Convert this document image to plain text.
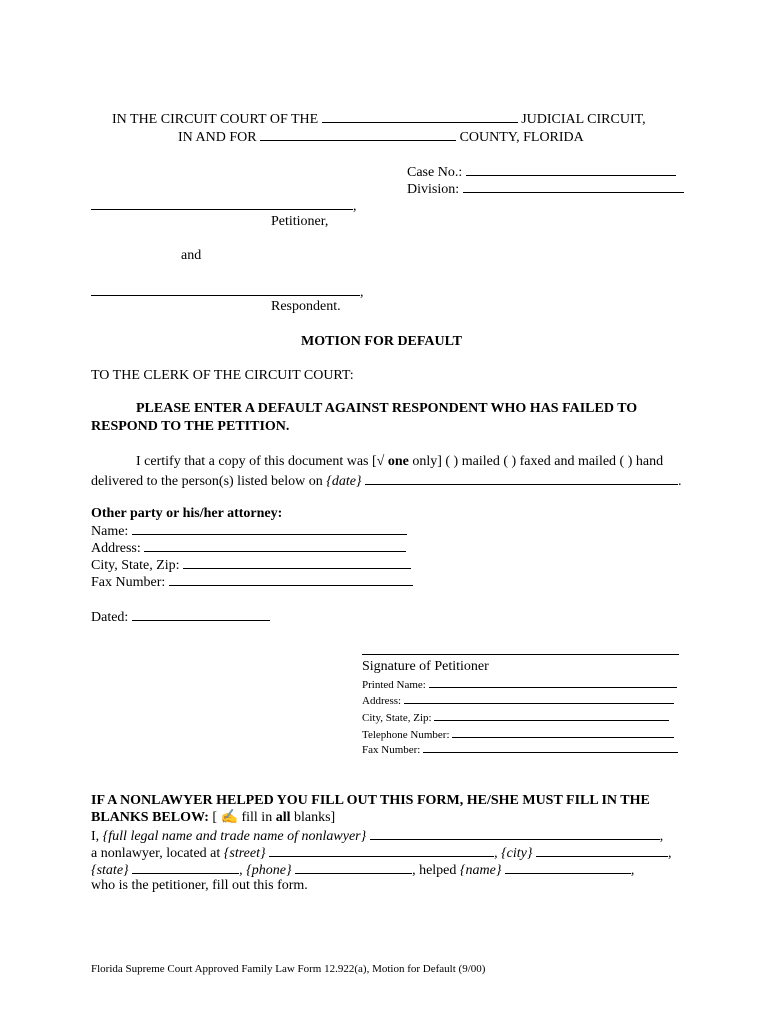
IN THE CIRCUIT COURT OF THE	JUDICIAL CIRCUIT,
IN AND FOR	COUNTY, FLORIDA
Case No.:
Division:
,
Petitioner,
and
,
Respondent.
MOTION FOR DEFAULT
TO THE CLERK OF THE CIRCUIT COURT:
PLEASE ENTER A DEFAULT AGAINST RESPONDENT WHO HAS FAILED TO
RESPOND TO THE PETITION.
I certify that a copy of this document was [√ one only] ( ) mailed ( ) faxed and mailed ( ) hand
delivered to the person(s) listed below on {date}	.
Other party or his/her attorney:
Name:
Address:
City, State, Zip:
Fax Number:
Dated:
Signature of Petitioner
Printed Name:
Address:
City, State, Zip:
Telephone Number:
Fax Number:
IF A NONLAWYER HELPED YOU FILL OUT THIS FORM, HE/SHE MUST FILL IN THE
BLANKS BELOW: [ ✍ fill in all blanks]
I, {full legal name and trade name of nonlawyer}	,
a nonlawyer, located at {street}	, {city}	,
{state}	, {phone}	, helped {name}	,
who is the petitioner, fill out this form.
Florida Supreme Court Approved Family Law Form 12.922(a), Motion for Default (9/00)
